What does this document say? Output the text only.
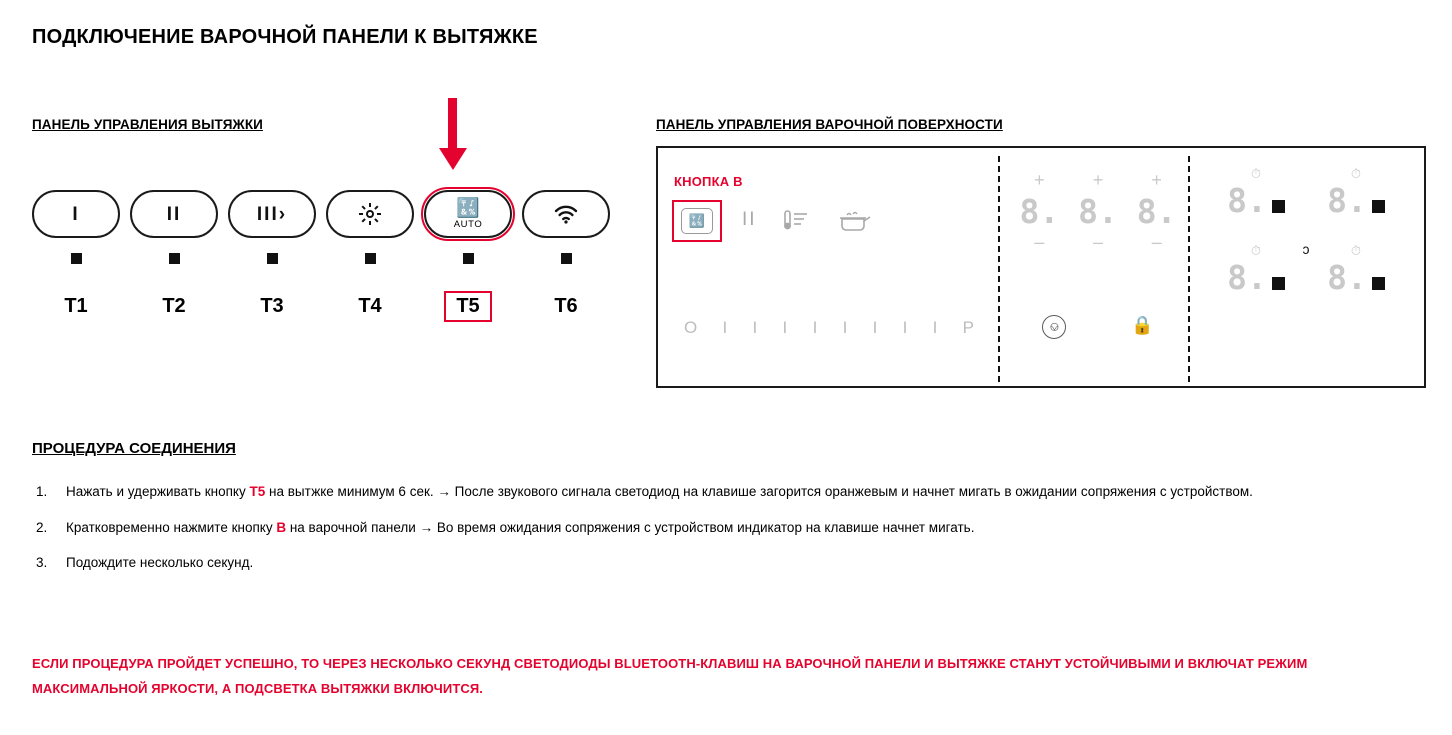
ПОДКЛЮЧЕНИЕ ВАРОЧНОЙ ПАНЕЛИ К ВЫТЯЖКЕ
ПАНЕЛЬ УПРАВЛЕНИЯ ВЫТЯЖКИ
I	II	III›	🔣
AUTO
T1	T2	T3	T4	T5	T6
ПАНЕЛЬ УПРАВЛЕНИЯ ВАРОЧНОЙ ПОВЕРХНОСТИ
КНОПКА B
🔣	II
O I I I I I I I I P
+	+	+
8. 8. 8.
–	–	–
⎉	🔒
⏱	⏱
8. 8.
⏱	ↄ	⏱
8. 8.
ПРОЦЕДУРА СОЕДИНЕНИЯ
1. Нажать и удерживать кнопку T5 на вытжке минимум 6 сек. → После звукового сигнала светодиод на клавише загорится оранжевым и начнет мигать в ожидании сопряжения с устройством.
2. Кратковременно нажмите кнопку B на варочной панели → Во время ожидания сопряжения с устройством индикатор на клавише начнет мигать.
3. Подождите несколько секунд.
ЕСЛИ ПРОЦЕДУРА ПРОЙДЕТ УСПЕШНО, ТО ЧЕРЕЗ НЕСКОЛЬКО СЕКУНД СВЕТОДИОДЫ BLUETOOTH-КЛАВИШ НА ВАРОЧНОЙ ПАНЕЛИ И ВЫТЯЖКЕ СТАНУТ УСТОЙЧИВЫМИ И ВКЛЮЧАТ РЕЖИМ МАКСИМАЛЬНОЙ ЯРКОСТИ, А ПОДСВЕТКА ВЫТЯЖКИ ВКЛЮЧИТСЯ.
